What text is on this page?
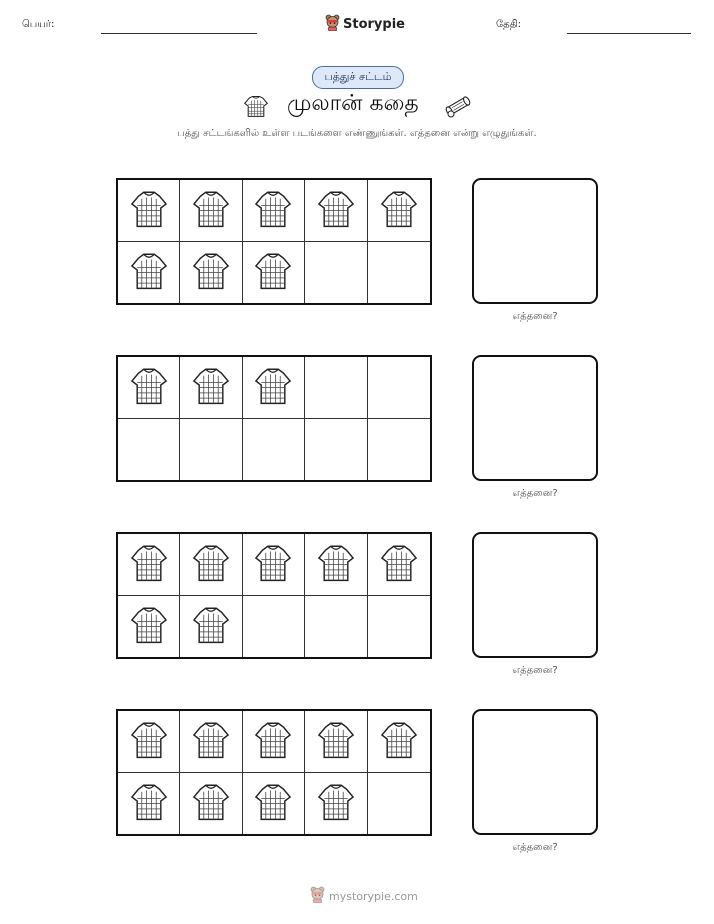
பெயர்:	Storypie	தேதி:
பத்துச் சட்டம்
முலான் கதை
பத்து சட்டங்களில் உள்ள படங்களை எண்ணுங்கள். எத்தனை என்று எழுதுங்கள்.
எத்தனை?
எத்தனை?
எத்தனை?
எத்தனை?
mystorypie.com
